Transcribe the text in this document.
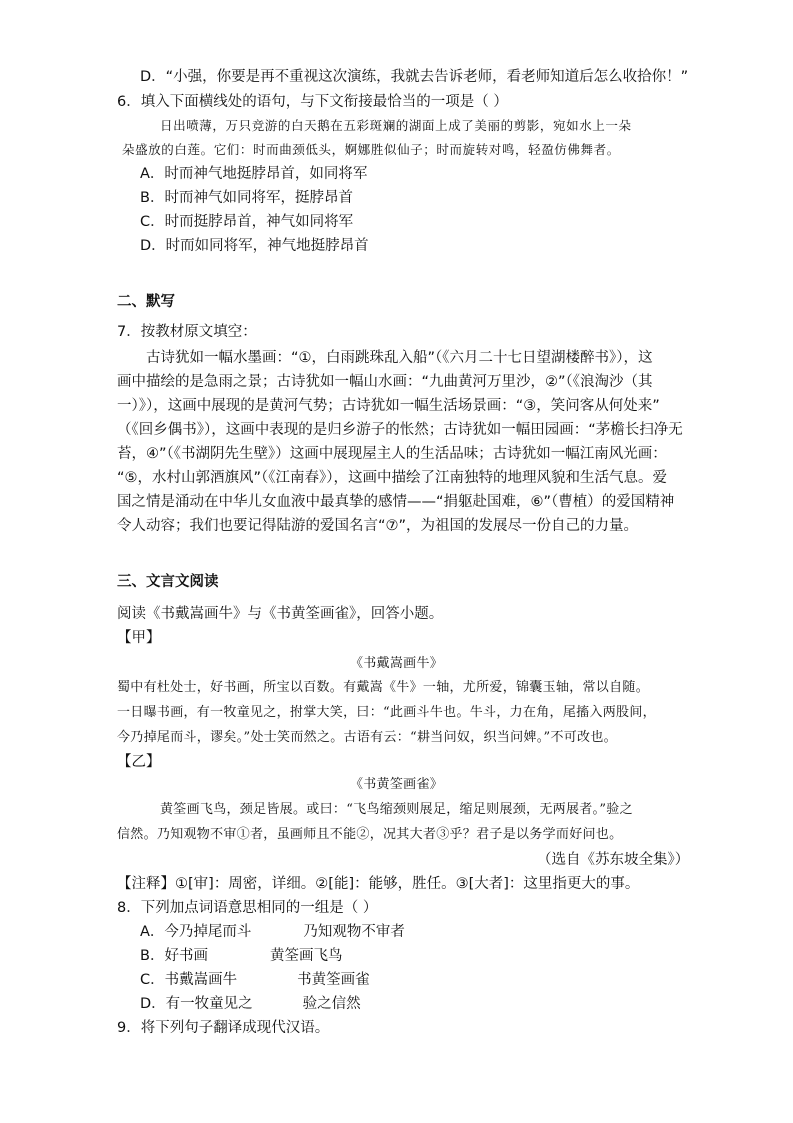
D．“小强，你要是再不重视这次演练，我就去告诉老师，看老师知道后怎么收拾你！”
6．填入下面横线处的语句，与下文衔接最恰当的一项是（ ）
日出喷薄，万只竞游的白天鹅在五彩斑斓的湖面上成了美丽的剪影，宛如水上一朵
朵盛放的白莲。它们：时而曲颈低头，婀娜胜似仙子；时而旋转对鸣，轻盈仿佛舞者。
A．时而神气地挺脖昂首，如同将军
B．时而神气如同将军，挺脖昂首
C．时而挺脖昂首，神气如同将军
D．时而如同将军，神气地挺脖昂首
二、默写
7．按教材原文填空：
古诗犹如一幅水墨画：“①，白雨跳珠乱入船”（《六月二十七日望湖楼醉书》），这
画中描绘的是急雨之景；古诗犹如一幅山水画：“九曲黄河万里沙，②”（《浪淘沙（其
一）》），这画中展现的是黄河气势；古诗犹如一幅生活场景画：“③，笑问客从何处来”
（《回乡偶书》），这画中表现的是归乡游子的怅然；古诗犹如一幅田园画：“茅檐长扫净无
苔，④”（《书湖阴先生壁》）这画中展现屋主人的生活品味；古诗犹如一幅江南风光画：
“⑤，水村山郭酒旗风”（《江南春》），这画中描绘了江南独特的地理风貌和生活气息。爱
国之情是涌动在中华儿女血液中最真挚的感情——“捐躯赴国难，⑥”（曹植）的爱国精神
令人动容；我们也要记得陆游的爱国名言“⑦”，为祖国的发展尽一份自己的力量。
三、文言文阅读
阅读《书戴嵩画牛》与《书黄筌画雀》，回答小题。
【甲】
《书戴嵩画牛》
蜀中有杜处士，好书画，所宝以百数。有戴嵩《牛》一轴，尤所爱，锦囊玉轴，常以自随。
一日曝书画，有一牧童见之，拊掌大笑，曰：“此画斗牛也。牛斗，力在角，尾搐入两股间，
今乃掉尾而斗，谬矣。”处士笑而然之。古语有云：“耕当问奴，织当问婢。”不可改也。
【乙】
《书黄筌画雀》
黄筌画飞鸟，颈足皆展。或曰：“飞鸟缩颈则展足，缩足则展颈，无两展者。”验之
信然。乃知观物不审①者，虽画师且不能②，况其大者③乎？君子是以务学而好问也。
（选自《苏东坡全集》）
【注释】①[审]：周密，详细。②[能]：能够，胜任。③[大者]：这里指更大的事。
8．下列加点词语意思相同的一组是（ ）
A．今乃掉尾而斗	乃知观物不审者
B．好书画	黄筌画飞鸟
C．书戴嵩画牛	书黄筌画雀
D．有一牧童见之	验之信然
9．将下列句子翻译成现代汉语。
